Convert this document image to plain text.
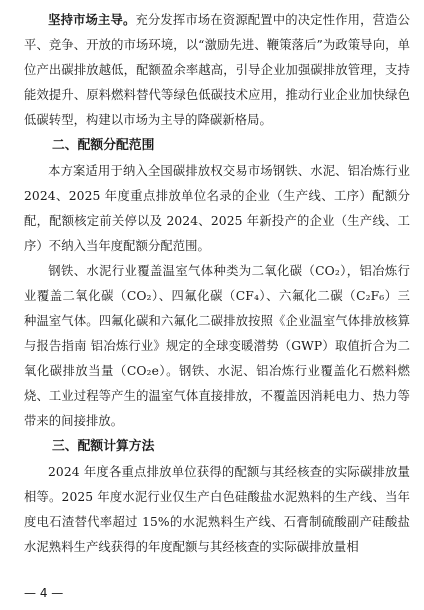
坚持市场主导。充分发挥市场在资源配置中的决定性作用，营造公平、竞争、开放的市场环境，以“激励先进、鞭策落后”为政策导向，单位产出碳排放越低，配额盈余率越高，引导企业加强碳排放管理，支持能效提升、原料燃料替代等绿色低碳技术应用，推动行业企业加快绿色低碳转型，构建以市场为主导的降碳新格局。

二、配额分配范围

本方案适用于纳入全国碳排放权交易市场钢铁、水泥、铝冶炼行业 2024、2025 年度重点排放单位名录的企业（生产线、工序）配额分配，配额核定前关停以及 2024、2025 年新投产的企业（生产线、工序）不纳入当年度配额分配范围。

钢铁、水泥行业覆盖温室气体种类为二氧化碳（CO₂），铝冶炼行业覆盖二氧化碳（CO₂）、四氟化碳（CF₄）、六氟化二碳（C₂F₆）三种温室气体。四氟化碳和六氟化二碳排放按照《企业温室气体排放核算与报告指南 铝冶炼行业》规定的全球变暖潜势（GWP）取值折合为二氧化碳排放当量（CO₂e）。钢铁、水泥、铝冶炼行业覆盖化石燃料燃烧、工业过程等产生的温室气体直接排放，不覆盖因消耗电力、热力等带来的间接排放。

三、配额计算方法

2024 年度各重点排放单位获得的配额与其经核查的实际碳排放量相等。2025 年度水泥行业仅生产白色硅酸盐水泥熟料的生产线、当年度电石渣替代率超过 15%的水泥熟料生产线、石膏制硫酸副产硅酸盐水泥熟料生产线获得的年度配额与其经核查的实际碳排放量相

— 4 —
